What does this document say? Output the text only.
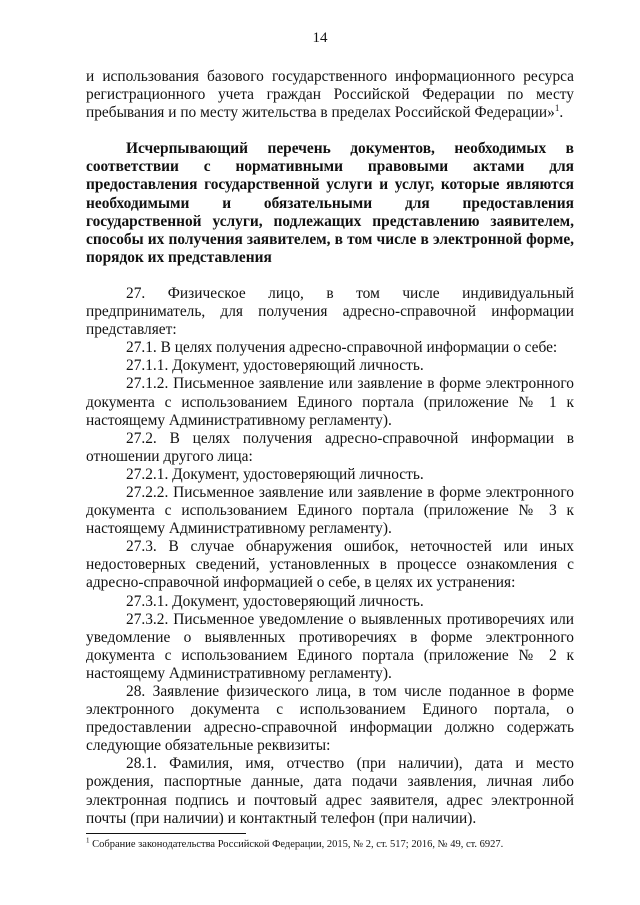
14

и использования базового государственного информационного ресурса регистрационного учета граждан Российской Федерации по месту пребывания и по месту жительства в пределах Российской Федерации»$^1$.

Исчерпывающий перечень документов, необходимых в соответствии с нормативными правовыми актами для предоставления государственной услуги и услуг, которые являются необходимыми и обязательными для предоставления государственной услуги, подлежащих представлению заявителем, способы их получения заявителем, в том числе в электронной форме, порядок их представления

27. Физическое лицо, в том числе индивидуальный предприниматель, для получения адресно-справочной информации представляет:

27.1. В целях получения адресно-справочной информации о себе:

27.1.1. Документ, удостоверяющий личность.

27.1.2. Письменное заявление или заявление в форме электронного документа с использованием Единого портала (приложение № 1 к настоящему Административному регламенту).

27.2. В целях получения адресно-справочной информации в отношении другого лица:

27.2.1. Документ, удостоверяющий личность.

27.2.2. Письменное заявление или заявление в форме электронного документа с использованием Единого портала (приложение № 3 к настоящему Административному регламенту).

27.3. В случае обнаружения ошибок, неточностей или иных недостоверных сведений, установленных в процессе ознакомления с адресно-справочной информацией о себе, в целях их устранения:

27.3.1. Документ, удостоверяющий личность.

27.3.2. Письменное уведомление о выявленных противоречиях или уведомление о выявленных противоречиях в форме электронного документа с использованием Единого портала (приложение № 2 к настоящему Административному регламенту).

28. Заявление физического лица, в том числе поданное в форме электронного документа с использованием Единого портала, о предоставлении адресно-справочной информации должно содержать следующие обязательные реквизиты:

28.1. Фамилия, имя, отчество (при наличии), дата и место рождения, паспортные данные, дата подачи заявления, личная либо электронная подпись и почтовый адрес заявителя, адрес электронной почты (при наличии) и контактный телефон (при наличии).

$^1$ Собрание законодательства Российской Федерации, 2015, № 2, ст. 517; 2016, № 49, ст. 6927.
